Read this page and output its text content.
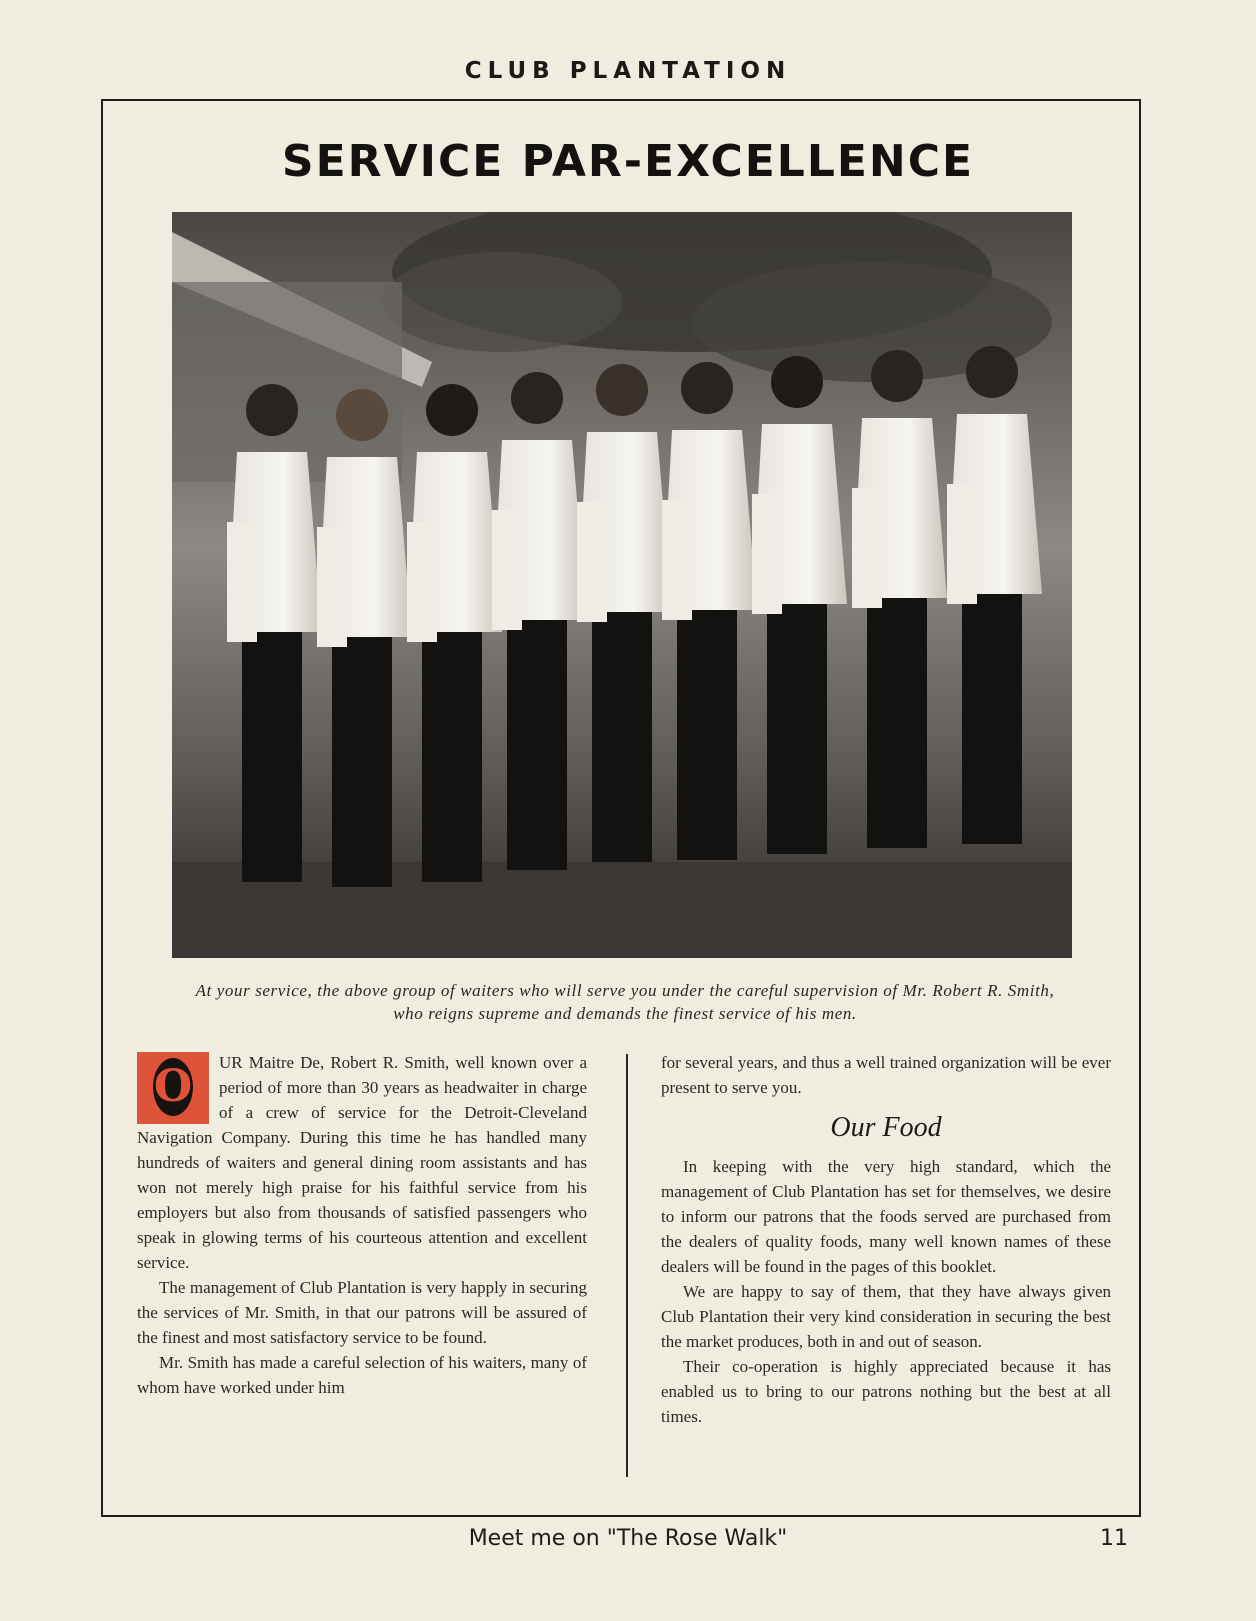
CLUB PLANTATION
SERVICE PAR-EXCELLENCE
At your service, the above group of waiters who will serve you under the careful supervision of Mr. Robert R. Smith, who reigns supreme and demands the finest service of his men.

O UR Maitre De, Robert R. Smith, well known over a period of more than 30 years as headwaiter in charge of a crew of service for the Detroit-Cleveland Navigation Company. During this time he has handled many hundreds of waiters and general dining room assistants and has won not merely high praise for his faithful service from his employers but also from thousands of satisfied passengers who speak in glowing terms of his courteous attention and excellent service.

The management of Club Plantation is very happly in securing the services of Mr. Smith, in that our patrons will be assured of the finest and most satisfactory service to be found.

Mr. Smith has made a careful selection of his waiters, many of whom have worked under him

for several years, and thus a well trained organization will be ever present to serve you.

Our Food

In keeping with the very high standard, which the management of Club Plantation has set for themselves, we desire to inform our patrons that the foods served are purchased from the dealers of quality foods, many well known names of these dealers will be found in the pages of this booklet.

We are happy to say of them, that they have always given Club Plantation their very kind consideration in securing the best the market produces, both in and out of season.

Their co-operation is highly appreciated because it has enabled us to bring to our patrons nothing but the best at all times.

Meet me on "The Rose Walk"	11
